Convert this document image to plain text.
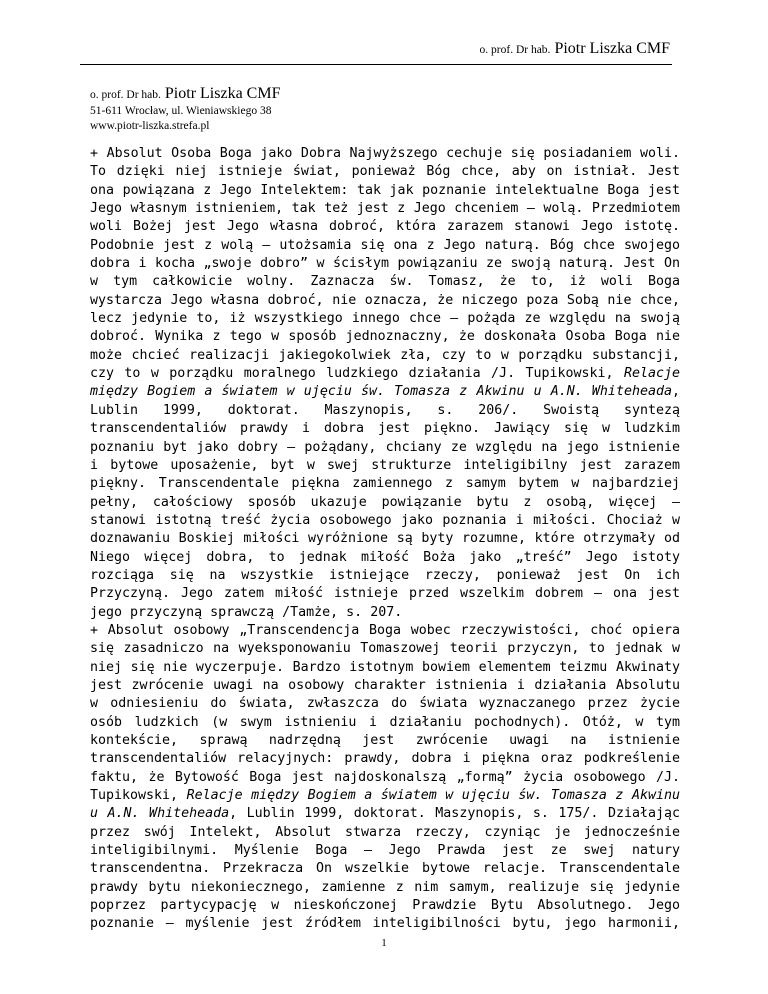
o. prof. Dr hab. Piotr Liszka CMF
o. prof. Dr hab. Piotr Liszka CMF
51-611 Wrocław, ul. Wieniawskiego 38
www.piotr-liszka.strefa.pl

+ Absolut Osoba Boga jako Dobra Najwyższego cechuje się posiadaniem woli. To dzięki niej istnieje świat, ponieważ Bóg chce, aby on istniał. Jest ona powiązana z Jego Intelektem: tak jak poznanie intelektualne Boga jest Jego własnym istnieniem, tak też jest z Jego chceniem – wolą. Przedmiotem woli Bożej jest Jego własna dobroć, która zarazem stanowi Jego istotę. Podobnie jest z wolą – utożsamia się ona z Jego naturą. Bóg chce swojego dobra i kocha „swoje dobro” w ścisłym powiązaniu ze swoją naturą. Jest On w tym całkowicie wolny. Zaznacza św. Tomasz, że to, iż woli Boga wystarcza Jego własna dobroć, nie oznacza, że niczego poza Sobą nie chce, lecz jedynie to, iż wszystkiego innego chce – pożąda ze względu na swoją dobroć. Wynika z tego w sposób jednoznaczny, że doskonała Osoba Boga nie może chcieć realizacji jakiegokolwiek zła, czy to w porządku substancji, czy to w porządku moralnego ludzkiego działania /J. Tupikowski, Relacje między Bogiem a światem w ujęciu św. Tomasza z Akwinu u A.N. Whiteheada, Lublin 1999, doktorat. Maszynopis, s. 206/. Swoistą syntezą transcendentaliów prawdy i dobra jest piękno. Jawiący się w ludzkim poznaniu byt jako dobry – pożądany, chciany ze względu na jego istnienie i bytowe uposażenie, byt w swej strukturze inteligibilny jest zarazem piękny. Transcendentale piękna zamiennego z samym bytem w najbardziej pełny, całościowy sposób ukazuje powiązanie bytu z osobą, więcej – stanowi istotną treść życia osobowego jako poznania i miłości. Chociaż w doznawaniu Boskiej miłości wyróżnione są byty rozumne, które otrzymały od Niego więcej dobra, to jednak miłość Boża jako „treść” Jego istoty rozciąga się na wszystkie istniejące rzeczy, ponieważ jest On ich Przyczyną. Jego zatem miłość istnieje przed wszelkim dobrem – ona jest jego przyczyną sprawczą /Tamże, s. 207.

+ Absolut osobowy „Transcendencja Boga wobec rzeczywistości, choć opiera się zasadniczo na wyeksponowaniu Tomaszowej teorii przyczyn, to jednak w niej się nie wyczerpuje. Bardzo istotnym bowiem elementem teizmu Akwinaty jest zwrócenie uwagi na osobowy charakter istnienia i działania Absolutu w odniesieniu do świata, zwłaszcza do świata wyznaczanego przez życie osób ludzkich (w swym istnieniu i działaniu pochodnych). Otóż, w tym kontekście, sprawą nadrzędną jest zwrócenie uwagi na istnienie transcendentaliów relacyjnych: prawdy, dobra i piękna oraz podkreślenie faktu, że Bytowość Boga jest najdoskonalszą „formą” życia osobowego /J. Tupikowski, Relacje między Bogiem a światem w ujęciu św. Tomasza z Akwinu u A.N. Whiteheada, Lublin 1999, doktorat. Maszynopis, s. 175/. Działając przez swój Intelekt, Absolut stwarza rzeczy, czyniąc je jednocześnie inteligibilnymi. Myślenie Boga – Jego Prawda jest ze swej natury transcendentna. Przekracza On wszelkie bytowe relacje. Transcendentale prawdy bytu niekoniecznego, zamienne z nim samym, realizuje się jedynie poprzez partycypację w nieskończonej Prawdzie Bytu Absolutnego. Jego poznanie – myślenie jest źródłem inteligibilności bytu, jego harmonii,

1
